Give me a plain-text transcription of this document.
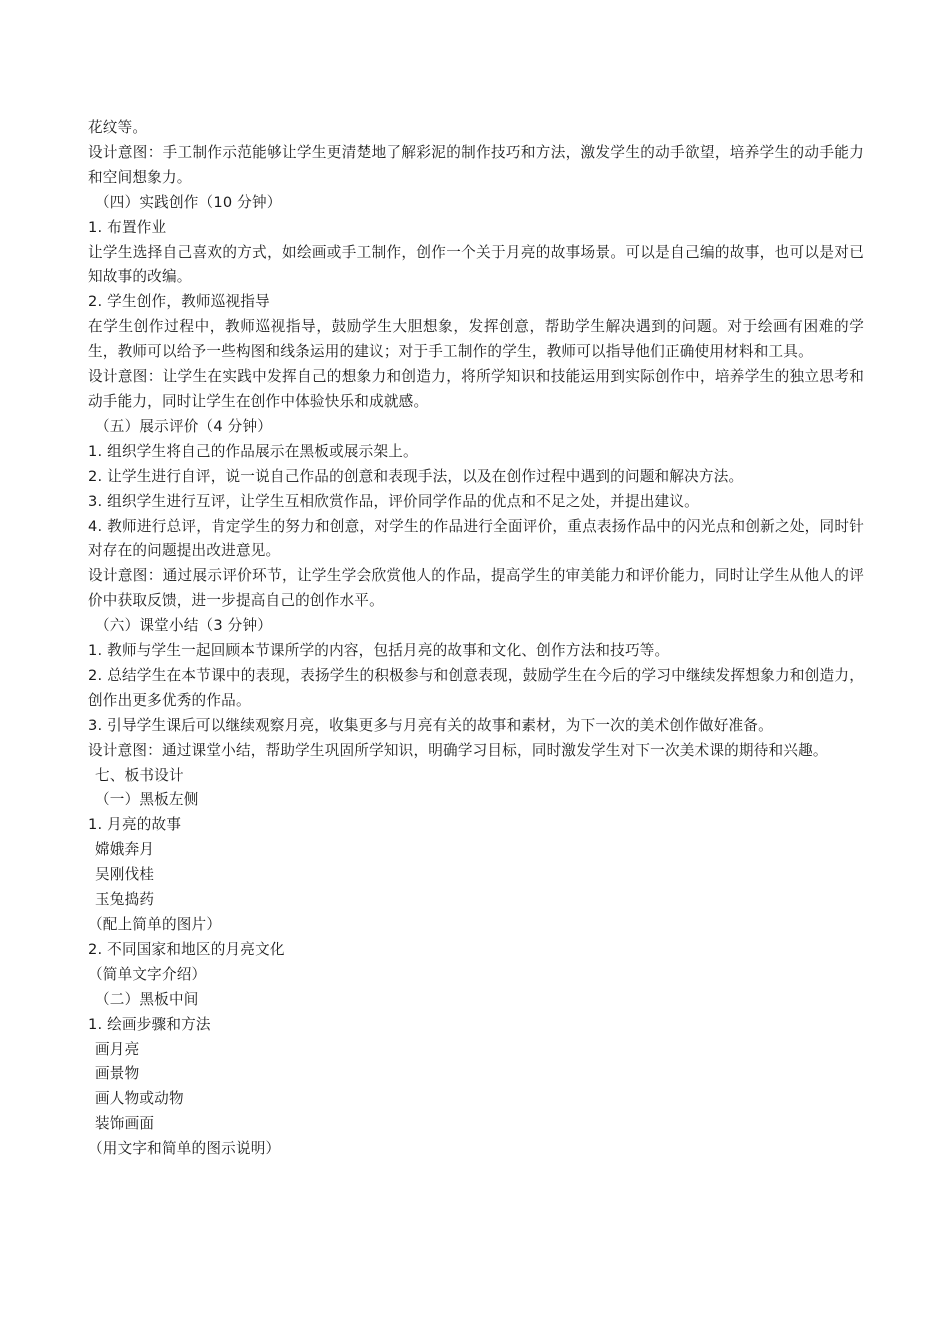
花纹等。

设计意图：手工制作示范能够让学生更清楚地了解彩泥的制作技巧和方法，激发学生的动手欲望，培养学生的动手能力和空间想象力。

（四）实践创作（10 分钟）

1. 布置作业

让学生选择自己喜欢的方式，如绘画或手工制作，创作一个关于月亮的故事场景。可以是自己编的故事，也可以是对已知故事的改编。

2. 学生创作，教师巡视指导

在学生创作过程中，教师巡视指导，鼓励学生大胆想象，发挥创意，帮助学生解决遇到的问题。对于绘画有困难的学生，教师可以给予一些构图和线条运用的建议；对于手工制作的学生，教师可以指导他们正确使用材料和工具。

设计意图：让学生在实践中发挥自己的想象力和创造力，将所学知识和技能运用到实际创作中，培养学生的独立思考和动手能力，同时让学生在创作中体验快乐和成就感。

（五）展示评价（4 分钟）

1. 组织学生将自己的作品展示在黑板或展示架上。

2. 让学生进行自评，说一说自己作品的创意和表现手法，以及在创作过程中遇到的问题和解决方法。

3. 组织学生进行互评，让学生互相欣赏作品，评价同学作品的优点和不足之处，并提出建议。

4. 教师进行总评，肯定学生的努力和创意，对学生的作品进行全面评价，重点表扬作品中的闪光点和创新之处，同时针对存在的问题提出改进意见。

设计意图：通过展示评价环节，让学生学会欣赏他人的作品，提高学生的审美能力和评价能力，同时让学生从他人的评价中获取反馈，进一步提高自己的创作水平。

（六）课堂小结（3 分钟）

1. 教师与学生一起回顾本节课所学的内容，包括月亮的故事和文化、创作方法和技巧等。

2. 总结学生在本节课中的表现，表扬学生的积极参与和创意表现，鼓励学生在今后的学习中继续发挥想象力和创造力，创作出更多优秀的作品。

3. 引导学生课后可以继续观察月亮，收集更多与月亮有关的故事和素材，为下一次的美术创作做好准备。

设计意图：通过课堂小结，帮助学生巩固所学知识，明确学习目标，同时激发学生对下一次美术课的期待和兴趣。

七、板书设计

（一）黑板左侧

1. 月亮的故事

嫦娥奔月

吴刚伐桂

玉兔捣药

（配上简单的图片）

2. 不同国家和地区的月亮文化

（简单文字介绍）

（二）黑板中间

1. 绘画步骤和方法

画月亮

画景物

画人物或动物

装饰画面

（用文字和简单的图示说明）
